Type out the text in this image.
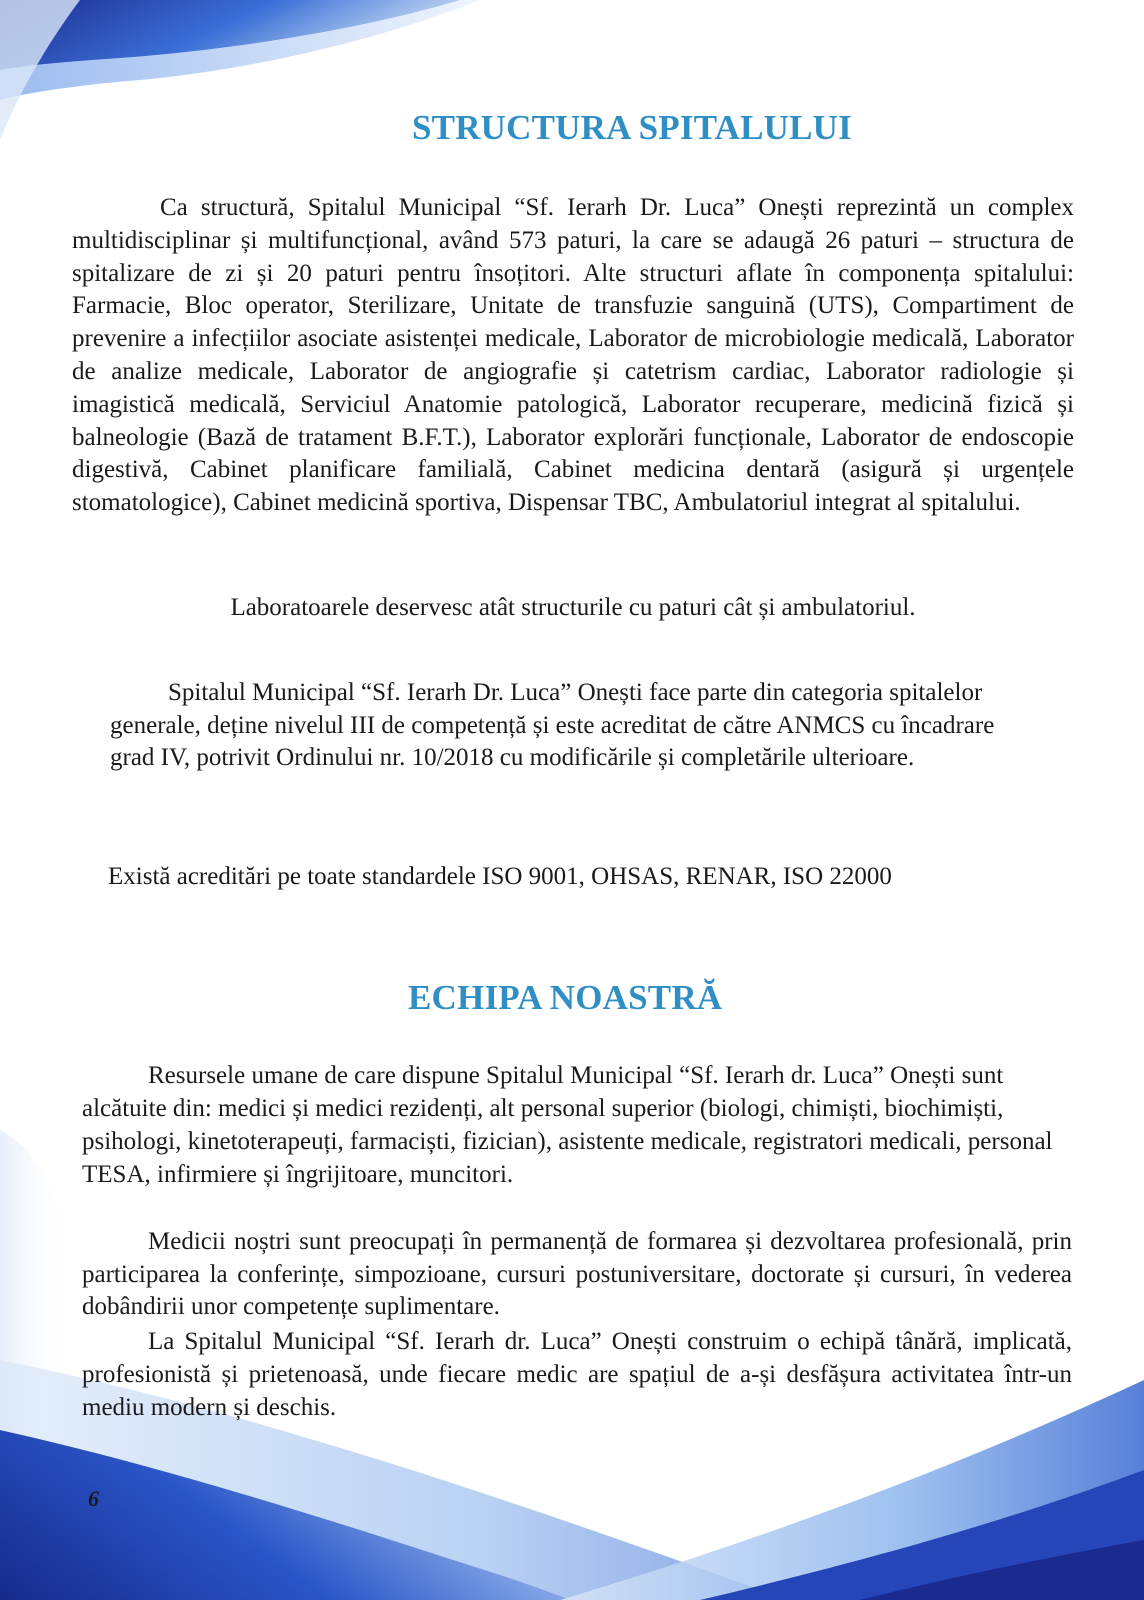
STRUCTURA SPITALULUI

Ca structură, Spitalul Municipal “Sf. Ierarh Dr. Luca” Onești reprezintă un complex multidisciplinar și multifuncțional, având 573 paturi, la care se adaugă 26 paturi – structura de spitalizare de zi și 20 paturi pentru însoțitori. Alte structuri aflate în componența spitalului: Farmacie, Bloc operator, Sterilizare, Unitate de transfuzie sanguină (UTS), Compartiment de prevenire a infecțiilor asociate asistenței medicale, Laborator de microbiologie medicală, Laborator de analize medicale, Laborator de angiografie și catetrism cardiac, Laborator radiologie și imagistică medicală, Serviciul Anatomie patologică, Laborator recuperare, medicină fizică și balneologie (Bază de tratament B.F.T.), Laborator explorări funcționale, Laborator de endoscopie digestivă, Cabinet planificare familială, Cabinet medicina dentară (asigură și urgențele stomatologice), Cabinet medicină sportiva, Dispensar TBC, Ambulatoriul integrat al spitalului.

Laboratoarele deservesc atât structurile cu paturi cât și ambulatoriul.

Spitalul Municipal “Sf. Ierarh Dr. Luca” Onești face parte din categoria spitalelor generale, deține nivelul III de competență și este acreditat de către ANMCS cu încadrare grad IV, potrivit Ordinului nr. 10/2018 cu modificările și completările ulterioare.

Există acreditări pe toate standardele ISO 9001, OHSAS, RENAR, ISO 22000

ECHIPA NOASTRĂ

Resursele umane de care dispune Spitalul Municipal “Sf. Ierarh dr. Luca” Onești sunt alcătuite din: medici și medici rezidenți, alt personal superior (biologi, chimiști, biochimiști, psihologi, kinetoterapeuți, farmaciști, fizician), asistente medicale, registratori medicali, personal TESA, infirmiere și îngrijitoare, muncitori.

Medicii noștri sunt preocupați în permanență de formarea și dezvoltarea profesională, prin participarea la conferințe, simpozioane, cursuri postuniversitare, doctorate și cursuri, în vederea dobândirii unor competențe suplimentare.

La Spitalul Municipal “Sf. Ierarh dr. Luca” Onești construim o echipă tânără, implicată, profesionistă și prietenoasă, unde fiecare medic are spațiul de a-și desfășura activitatea într-un mediu modern și deschis.

6
